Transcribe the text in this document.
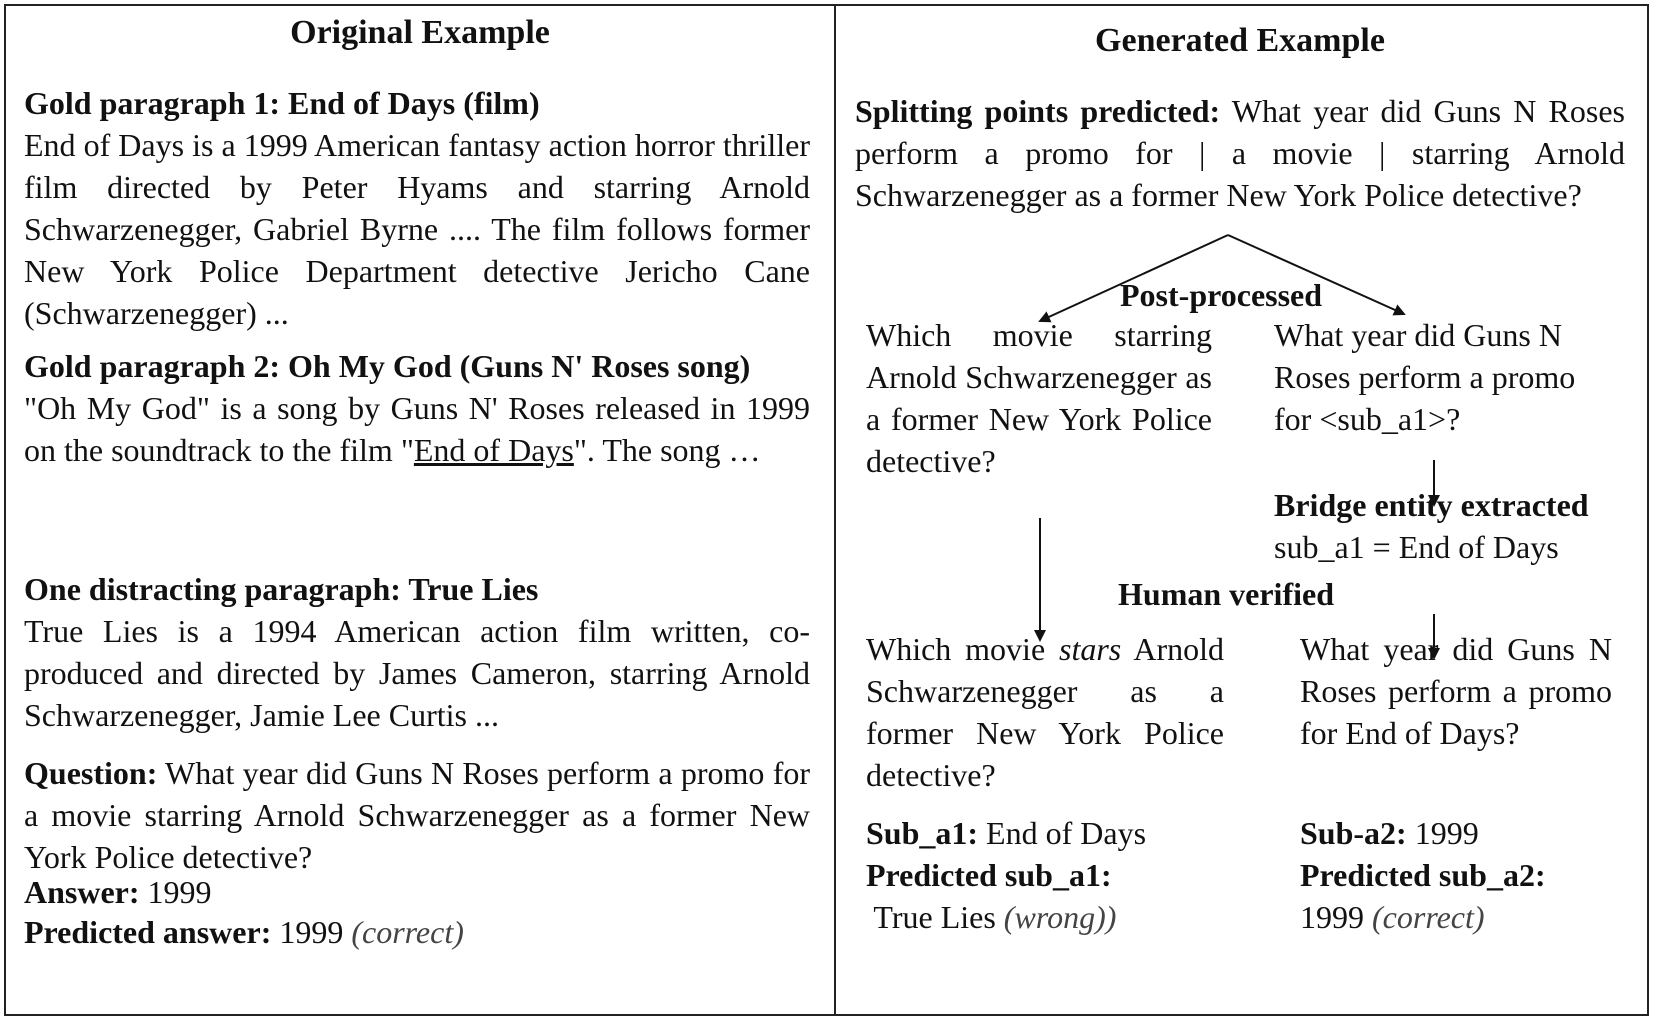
Original Example
Gold paragraph 1: End of Days (film)
End of Days is a 1999 American fantasy action horror thriller film directed by Peter Hyams and starring Arnold Schwarzenegger, Gabriel Byrne .... The film follows former New York Police Department detective Jericho Cane (Schwarzenegger) ...
Gold paragraph 2: Oh My God (Guns N' Roses song)
"Oh My God" is a song by Guns N' Roses released in 1999 on the soundtrack to the film "End of Days". The song …
One distracting paragraph: True Lies
True Lies is a 1994 American action film written, co-produced and directed by James Cameron, starring Arnold Schwarzenegger, Jamie Lee Curtis ...
Question: What year did Guns N Roses perform a promo for a movie starring Arnold Schwarzenegger as a former New York Police detective?
Answer: 1999
Predicted answer: 1999 (correct)
Generated Example
Splitting points predicted: What year did Guns N Roses perform a promo for | a movie | starring Arnold Schwarzenegger as a former New York Police detective?
Post-processed
Which movie starring Arnold Schwarzenegger as a former New York Police detective?
What year did Guns N Roses perform a promo for <sub_a1>?
Bridge entity extracted
sub_a1 = End of Days
Human verified
Which movie stars Arnold Schwarzenegger as a former New York Police detective?
What year did Guns N Roses perform a promo for End of Days?
Sub_a1: End of Days
Predicted sub_a1:
True Lies (wrong))
Sub-a2: 1999
Predicted sub_a2:
1999 (correct)
